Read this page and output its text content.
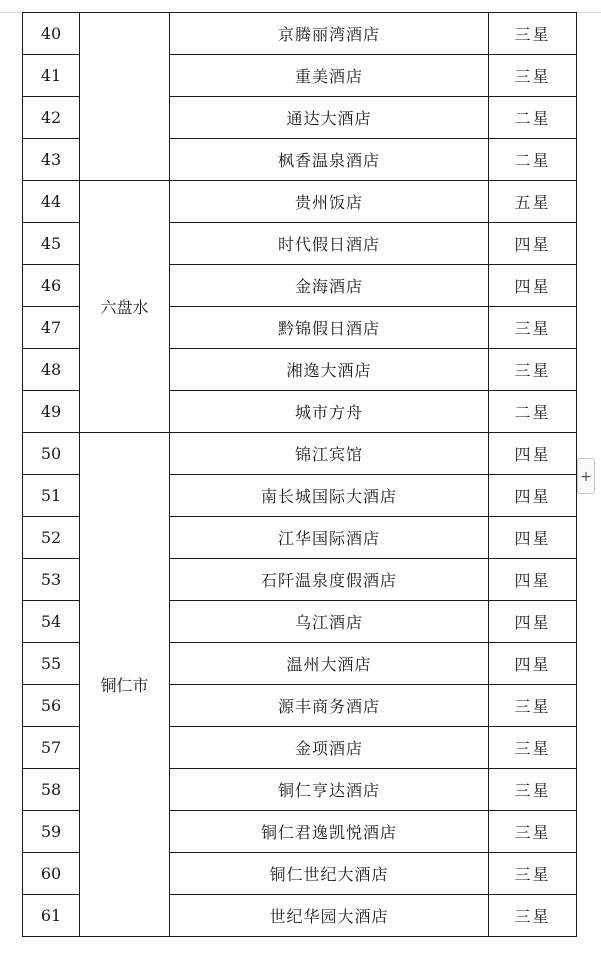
40		京腾丽湾酒店	三星
41		重美酒店	三星
42		通达大酒店	二星
43		枫香温泉酒店	二星
44	六盘水	贵州饭店	五星
45		时代假日酒店	四星
46		金海酒店	四星
47		黔锦假日酒店	三星
48		湘逸大酒店	三星
49		城市方舟	二星
50	铜仁市	锦江宾馆	四星
51		南长城国际大酒店	四星
52		江华国际酒店	四星
53		石阡温泉度假酒店	四星
54		乌江酒店	四星
55		温州大酒店	四星
56		源丰商务酒店	三星
57		金项酒店	三星
58		铜仁亨达酒店	三星
59		铜仁君逸凯悦酒店	三星
60		铜仁世纪大酒店	三星
61		世纪华园大酒店	三星
+
